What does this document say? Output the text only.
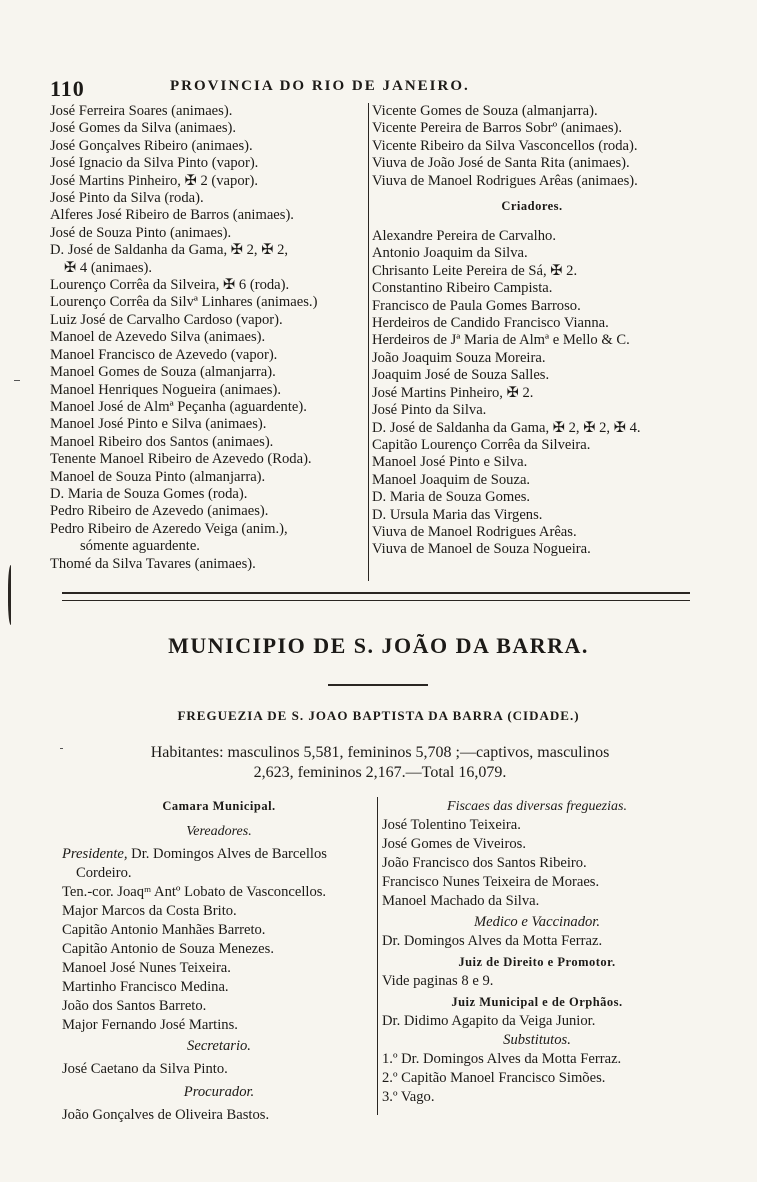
110	PROVINCIA DO RIO DE JANEIRO.
José Ferreira Soares (animaes).
José Gomes da Silva (animaes).
José Gonçalves Ribeiro (animaes).
José Ignacio da Silva Pinto (vapor).
José Martins Pinheiro, ✠ 2 (vapor).
José Pinto da Silva (roda).
Alferes José Ribeiro de Barros (animaes).
José de Souza Pinto (animaes).
D. José de Saldanha da Gama, ✠ 2, ✠ 2,
✠ 4 (animaes).
Lourenço Corrêa da Silveira, ✠ 6 (roda).
Lourenço Corrêa da Silvª Linhares (animaes.)
Luiz José de Carvalho Cardoso (vapor).
Manoel de Azevedo Silva (animaes).
Manoel Francisco de Azevedo (vapor).
Manoel Gomes de Souza (almanjarra).
Manoel Henriques Nogueira (animaes).
Manoel José de Almª Peçanha (aguardente).
Manoel José Pinto e Silva (animaes).
Manoel Ribeiro dos Santos (animaes).
Tenente Manoel Ribeiro de Azevedo (Roda).
Manoel de Souza Pinto (almanjarra).
D. Maria de Souza Gomes (roda).
Pedro Ribeiro de Azevedo (animaes).
Pedro Ribeiro de Azeredo Veiga (anim.),
sómente aguardente.
Thomé da Silva Tavares (animaes).
Vicente Gomes de Souza (almanjarra).
Vicente Pereira de Barros Sobrº (animaes).
Vicente Ribeiro da Silva Vasconcellos (roda).
Viuva de João José de Santa Rita (animaes).
Viuva de Manoel Rodrigues Arêas (animaes).
Criadores.
Alexandre Pereira de Carvalho.
Antonio Joaquim da Silva.
Chrisanto Leite Pereira de Sá, ✠ 2.
Constantino Ribeiro Campista.
Francisco de Paula Gomes Barroso.
Herdeiros de Candido Francisco Vianna.
Herdeiros de Jª Maria de Almª e Mello & C.
João Joaquim Souza Moreira.
Joaquim José de Souza Salles.
José Martins Pinheiro, ✠ 2.
José Pinto da Silva.
D. José de Saldanha da Gama, ✠ 2, ✠ 2, ✠ 4.
Capitão Lourenço Corrêa da Silveira.
Manoel José Pinto e Silva.
Manoel Joaquim de Souza.
D. Maria de Souza Gomes.
D. Ursula Maria das Virgens.
Viuva de Manoel Rodrigues Arêas.
Viuva de Manoel de Souza Nogueira.
MUNICIPIO DE S. JOÃO DA BARRA.
FREGUEZIA DE S. JOAO BAPTISTA DA BARRA (CIDADE.)
Habitantes: masculinos 5,581, femininos 5,708 ;—captivos, masculinos
2,623, femininos 2,167.—Total 16,079.
Camara Municipal.
Vereadores.
Presidente, Dr. Domingos Alves de Barcellos
Cordeiro.
Ten.-cor. Joaqᵐ Antº Lobato de Vasconcellos.
Major Marcos da Costa Brito.
Capitão Antonio Manhães Barreto.
Capitão Antonio de Souza Menezes.
Manoel José Nunes Teixeira.
Martinho Francisco Medina.
João dos Santos Barreto.
Major Fernando José Martins.
Secretario.
José Caetano da Silva Pinto.
Procurador.
João Gonçalves de Oliveira Bastos.
Fiscaes das diversas freguezias.
José Tolentino Teixeira.
José Gomes de Viveiros.
João Francisco dos Santos Ribeiro.
Francisco Nunes Teixeira de Moraes.
Manoel Machado da Silva.
Medico e Vaccinador.
Dr. Domingos Alves da Motta Ferraz.
Juiz de Direito e Promotor.
Vide paginas 8 e 9.
Juiz Municipal e de Orphãos.
Dr. Didimo Agapito da Veiga Junior.
Substitutos.
1.º Dr. Domingos Alves da Motta Ferraz.
2.º Capitão Manoel Francisco Simões.
3.º Vago.
